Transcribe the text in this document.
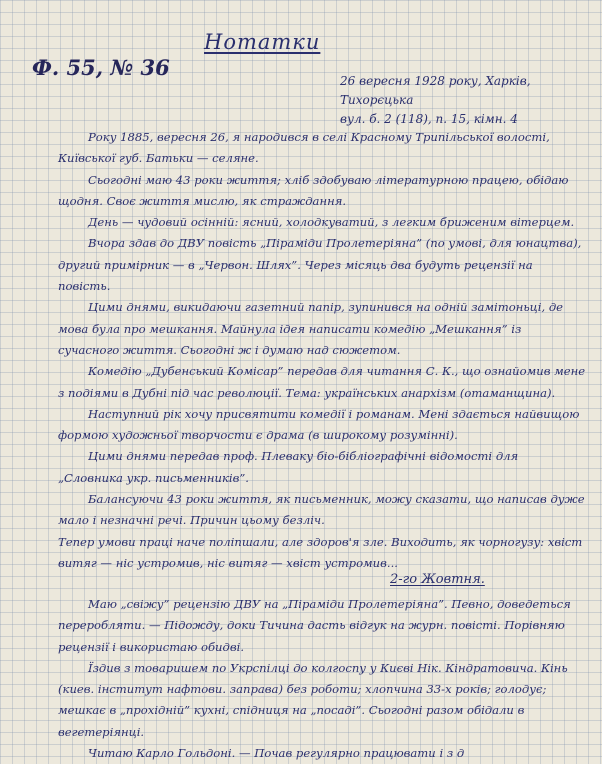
Нотатки
Ф. 55, № 36
26 вересня 1928 року, Харків, Тихорєцька
вул. б. 2 (118), п. 15, кімн. 4

Року 1885, вересня 26, я народився в селі Красному Трипільської волості, Київської губ. Батьки — селяне.

Сьогодні маю 43 роки життя; хліб здобуваю літературною працею, обідаю щодня. Своє життя мислю, як страждання.

День — чудовий осінній: ясний, холодкуватий, з легким бриженим вітерцем.

Вчора здав до ДВУ повість „Піраміди Пролетеріяна” (по умові, для юнацтва), другий примірник — в „Червон. Шлях”. Через місяць два будуть рецензії на повість.

Цими днями, викидаючи газетний папір, зупинився на одній замітоньці, де мова була про мешкання. Майнула ідея написати комедію „Мешкання” із сучасного життя. Сьогодні ж і думаю над сюжетом.

Комедію „Дубенський Комісар” передав для читання С. К., що ознайомив мене з подіями в Дубні під час революції. Тема: українських анархізм (отаманщина).

Наступний рік хочу присвятити комедії і романам. Мені здається найвищою формою художньої творчости є драма (в широкому розумінні).

Цими днями передав проф. Плеваку біо-бібліографічні відомості для „Словника укр. письменників”.

Балансуючи 43 роки життя, як письменник, можу сказати, що написав дуже мало і незначні речі. Причин цьому безліч.

Тепер умови праці наче поліпшали, але здоров'я зле. Виходить, як чорногузу: хвіст витяг — ніс устромив, ніс витяг — хвіст устромив...

2-го Жовтня.

Маю „свіжу” рецензію ДВУ на „Піраміди Пролетеріяна”. Певно, доведеться переробляти. — Підожду, доки Тичина дасть відгук на журн. повісті. Порівняю рецензії і використаю обидві.

Їздив з товаришем по Укрспілці до колгоспу у Києві Нік. Кіндратовича. Кінь (киев. інститут нафтови. заправа) без роботи; хлопчина 33-х років; голодує; мешкає в „прохідній” кухні, спідниця на „посаді”. Сьогодні разом обідали в вегетеріянці.

Читаю Карло Гольдоні. — Почав регулярно працювати і з д
